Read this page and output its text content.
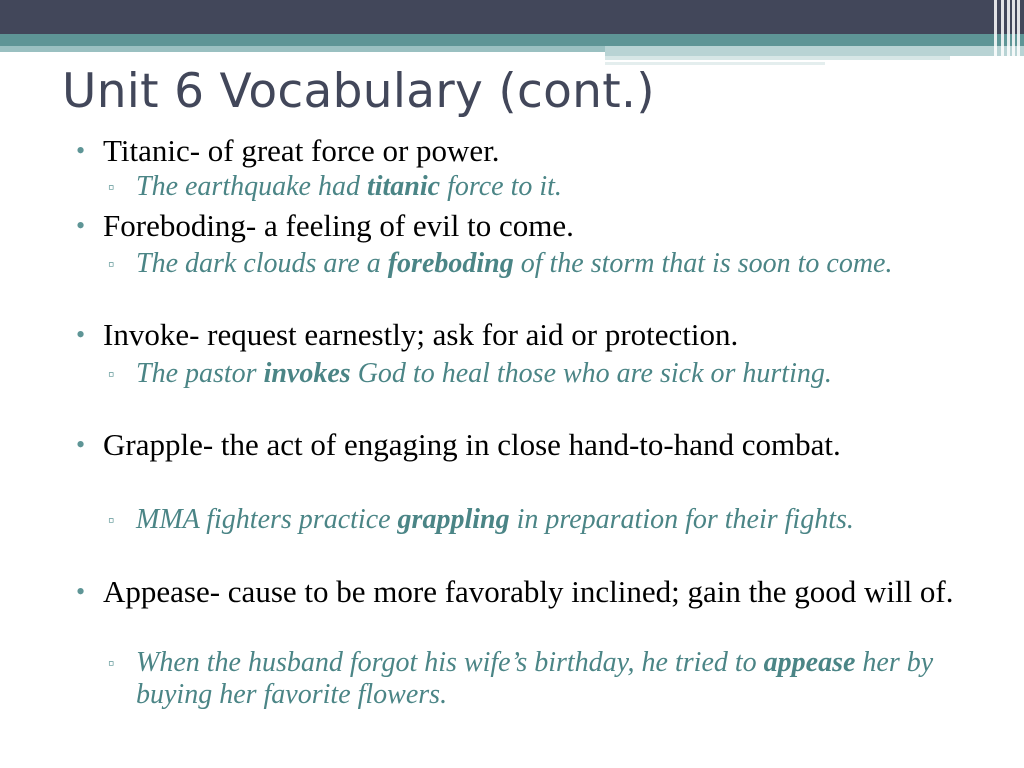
Unit 6 Vocabulary (cont.)
• Titanic- of great force or power.
▫ The earthquake had titanic force to it.
• Foreboding- a feeling of evil to come.
▫ The dark clouds are a foreboding of the storm that is soon to come.
• Invoke- request earnestly; ask for aid or protection.
▫ The pastor invokes God to heal those who are sick or hurting.
• Grapple- the act of engaging in close hand-to-hand combat.
▫ MMA fighters practice grappling in preparation for their fights.
• Appease- cause to be more favorably inclined; gain the good will of.
▫ When the husband forgot his wife’s birthday, he tried to appease her by buying her favorite flowers.
